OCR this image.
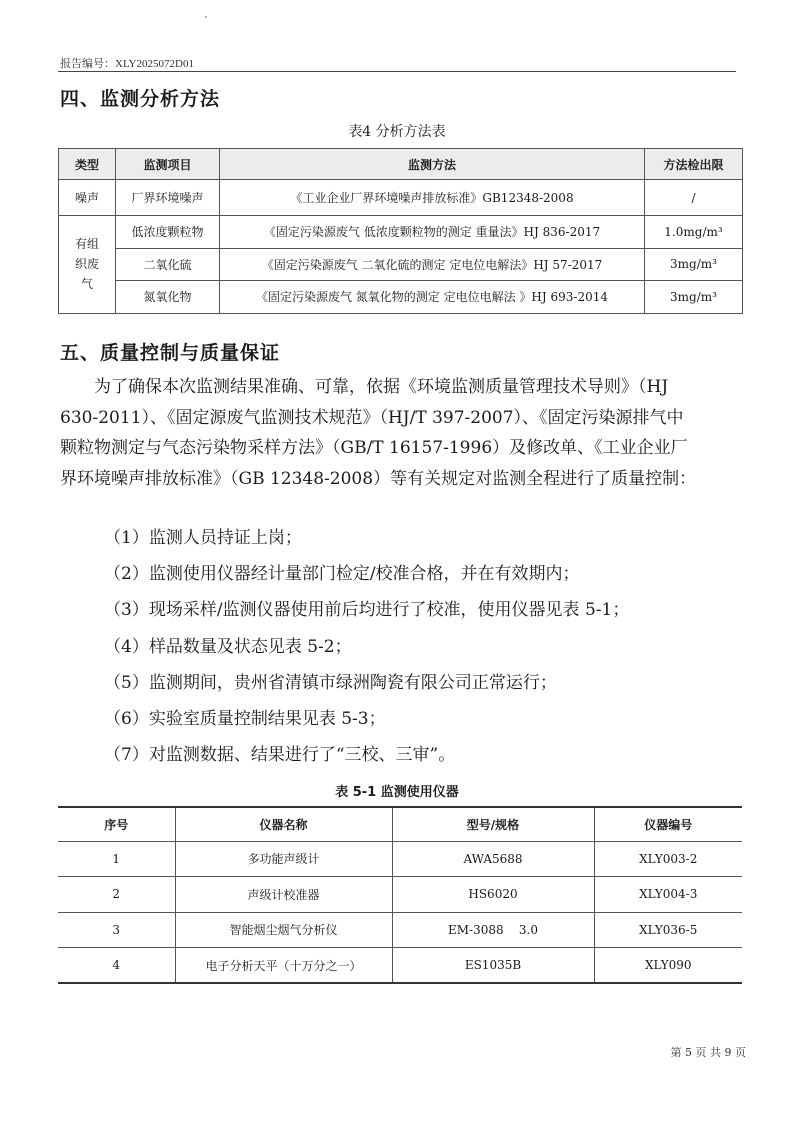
报告编号：XLY2025072D01
四、监测分析方法
表4 分析方法表
类型	监测项目	监测方法	方法检出限
噪声	厂界环境噪声	《工业企业厂界环境噪声排放标准》GB12348-2008	/
有组织废气	低浓度颗粒物	《固定污染源废气 低浓度颗粒物的测定 重量法》HJ 836-2017	1.0mg/m³
	二氧化硫	《固定污染源废气 二氧化硫的测定 定电位电解法》HJ 57-2017	3mg/m³
	氮氧化物	《固定污染源废气 氮氧化物的测定 定电位电解法 》HJ 693-2014	3mg/m³
五、质量控制与质量保证
为了确保本次监测结果准确、可靠，依据《环境监测质量管理技术导则》（HJ
630-2011）、《固定源废气监测技术规范》（HJ/T 397-2007）、《固定污染源排气中
颗粒物测定与气态污染物采样方法》（GB/T 16157-1996）及修改单、《工业企业厂
界环境噪声排放标准》（GB 12348-2008）等有关规定对监测全程进行了质量控制：
（1）监测人员持证上岗；
（2）监测使用仪器经计量部门检定/校准合格，并在有效期内；
（3）现场采样/监测仪器使用前后均进行了校准，使用仪器见表 5-1；
（4）样品数量及状态见表 5-2；
（5）监测期间，贵州省清镇市绿洲陶瓷有限公司正常运行；
（6）实验室质量控制结果见表 5-3；
（7）对监测数据、结果进行了“三校、三审”。
表 5-1 监测使用仪器
序号	仪器名称	型号/规格	仪器编号
1	多功能声级计	AWA5688	XLY003-2
2	声级计校准器	HS6020	XLY004-3
3	智能烟尘烟气分析仪	EM-3088    3.0	XLY036-5
4	电子分析天平（十万分之一）	ES1035B	XLY090
第 5 页 共 9 页
